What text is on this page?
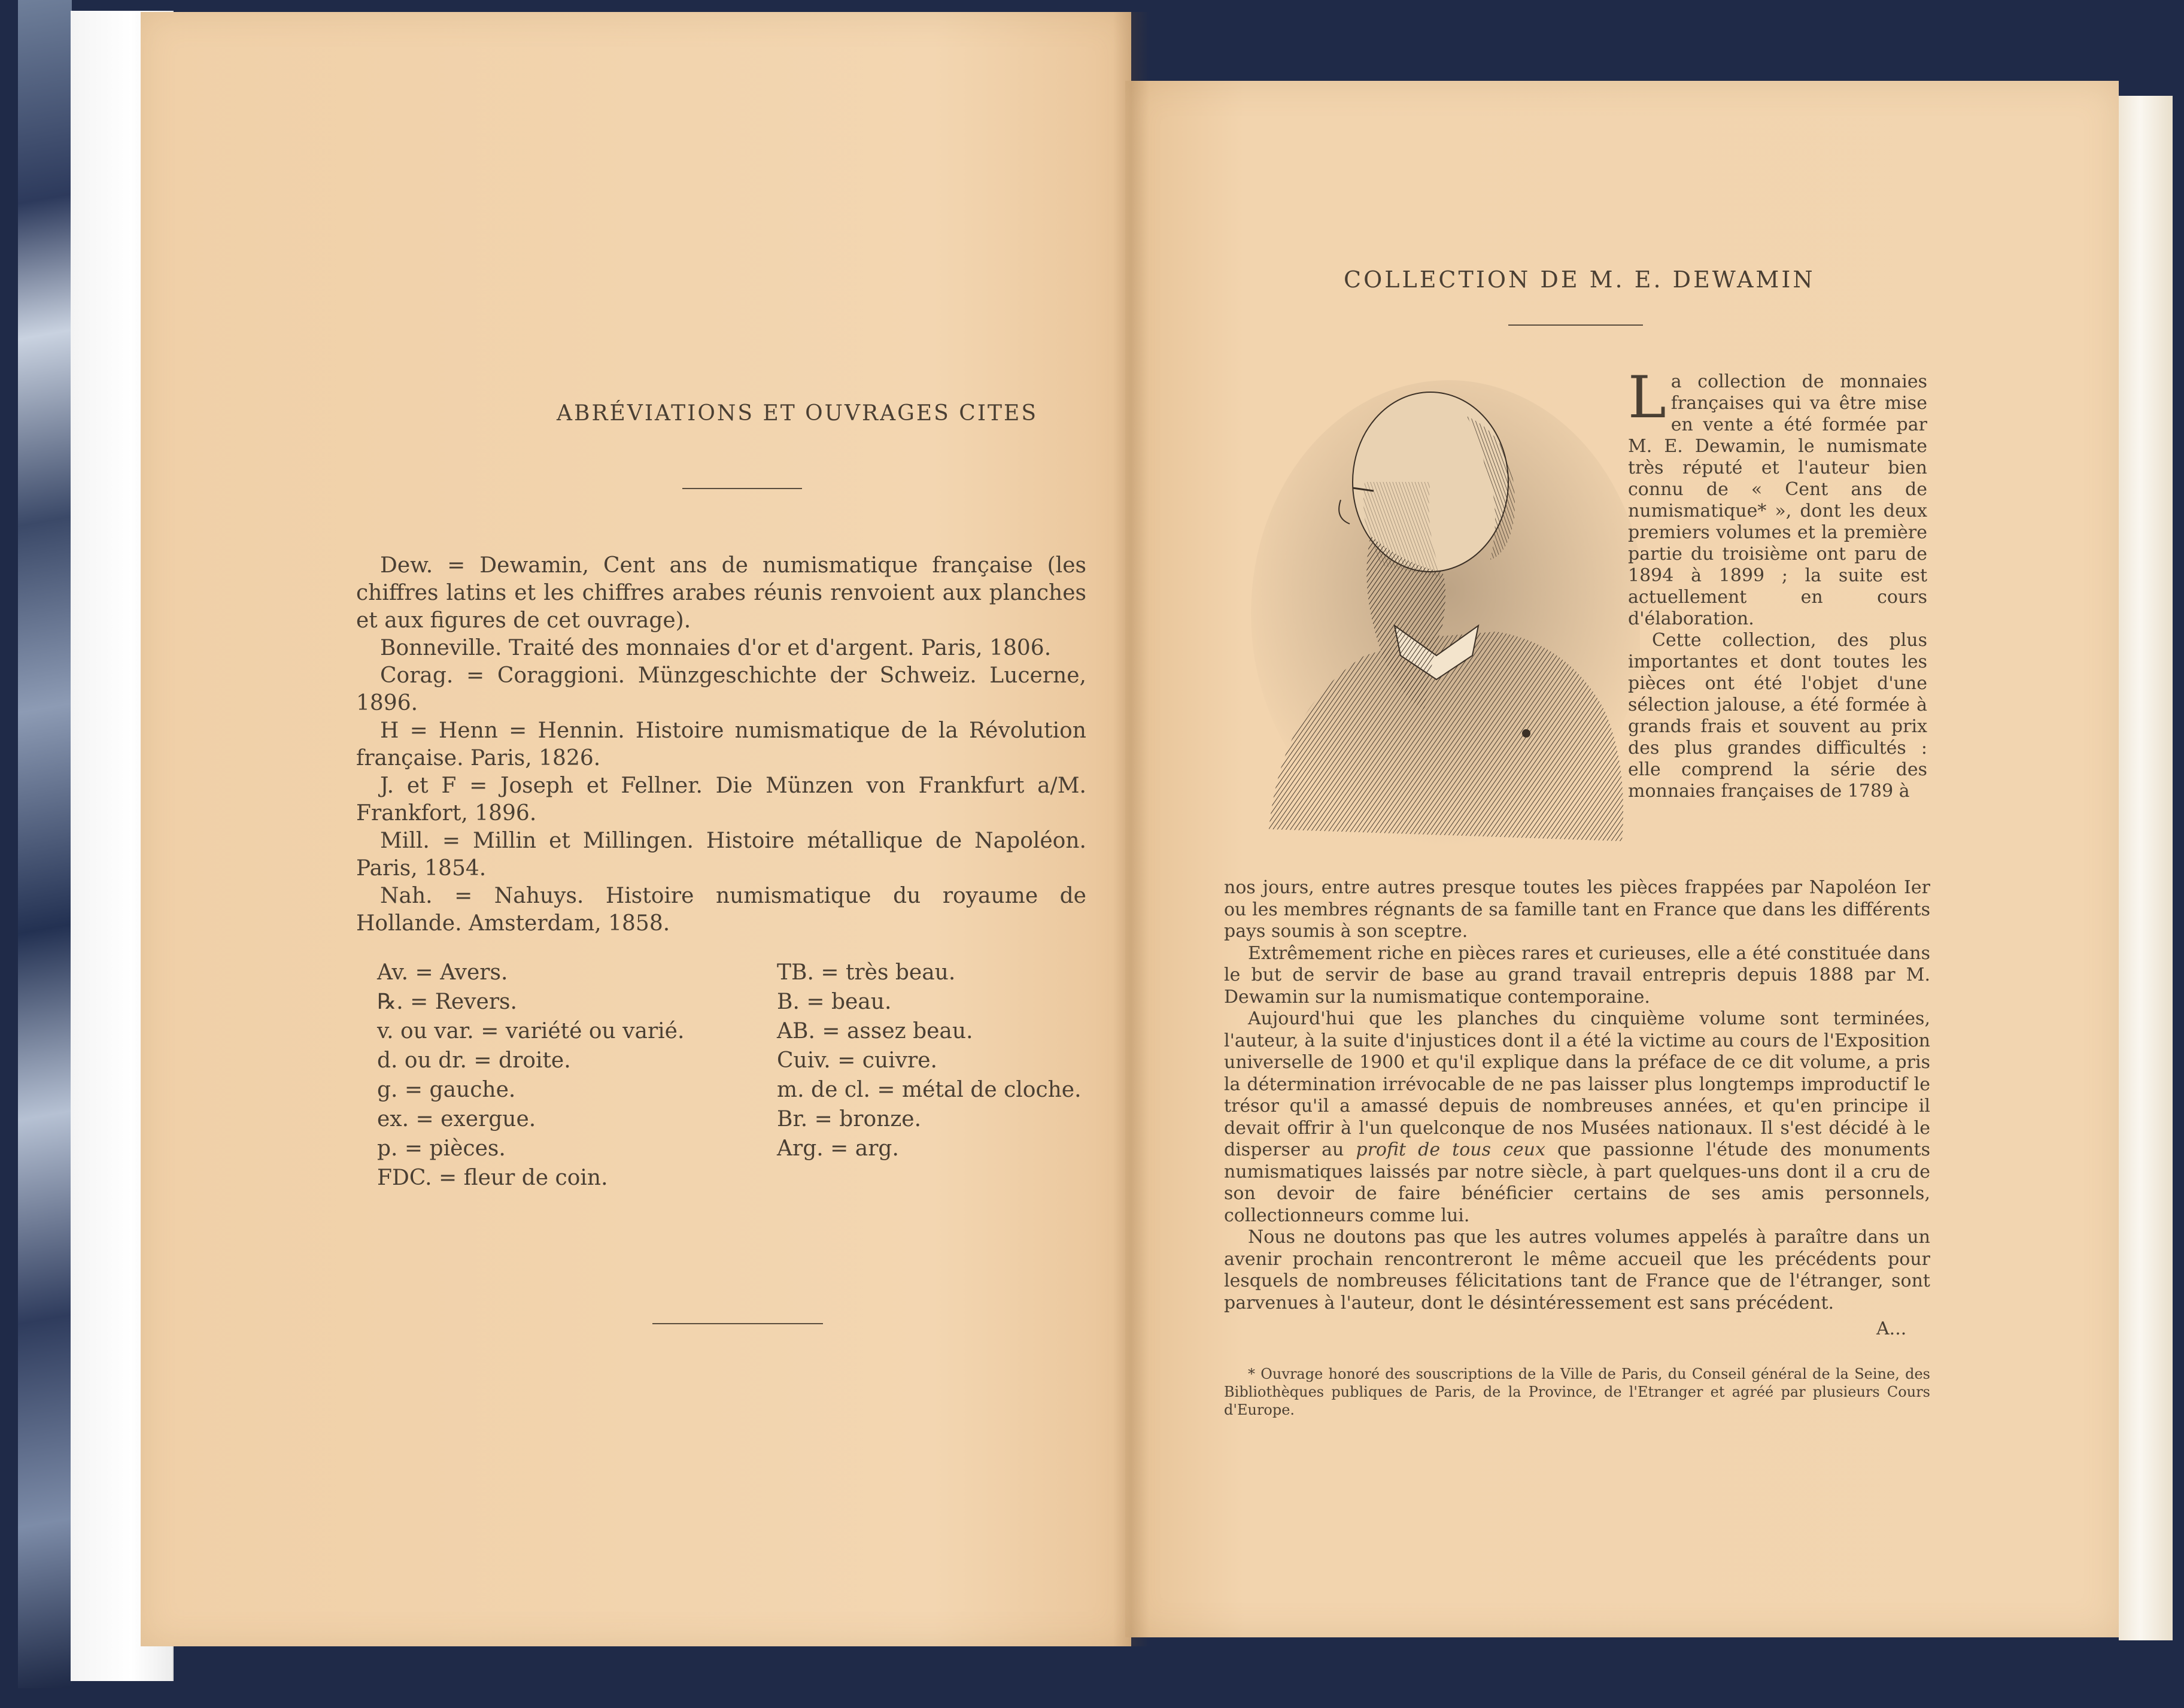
ABRÉVIATIONS ET OUVRAGES CITES

Dew. = Dewamin, Cent ans de numismatique française (les chiffres latins et les chiffres arabes réunis renvoient aux planches et aux figures de cet ouvrage).

Bonneville. Traité des monnaies d'or et d'argent. Paris, 1806.

Corag. = Coraggioni. Münzgeschichte der Schweiz. Lucerne, 1896.

H = Henn = Hennin. Histoire numismatique de la Révolution française. Paris, 1826.

J. et F = Joseph et Fellner. Die Münzen von Frankfurt a/M. Frankfort, 1896.

Mill. = Millin et Millingen. Histoire métallique de Napoléon. Paris, 1854.

Nah. = Nahuys. Histoire numismatique du royaume de Hollande. Amsterdam, 1858.

Av. = Avers.
℞. = Revers.
v. ou var. = variété ou varié.
d. ou dr. = droite.
g. = gauche.
ex. = exergue.
p. = pièces.
FDC. = fleur de coin.
TB. = très beau.
B. = beau.
AB. = assez beau.
Cuiv. = cuivre.
m. de cl. = métal de cloche.
Br. = bronze.
Arg. = arg.
COLLECTION DE M. E. DEWAMIN

L a collection de monnaies françaises qui va être mise en vente a été formée par M. E. Dewamin, le numismate très réputé et l'auteur bien connu de « Cent ans de numismatique* », dont les deux premiers volumes et la première partie du troisième ont paru de 1894 à 1899 ; la suite est actuellement en cours d'élaboration.

Cette collection, des plus importantes et dont toutes les pièces ont été l'objet d'une sélection jalouse, a été formée à grands frais et souvent au prix des plus grandes difficultés : elle comprend la série des monnaies françaises de 1789 à

nos jours, entre autres presque toutes les pièces frappées par Napoléon Ier ou les membres régnants de sa famille tant en France que dans les différents pays soumis à son sceptre.

Extrêmement riche en pièces rares et curieuses, elle a été constituée dans le but de servir de base au grand travail entrepris depuis 1888 par M. Dewamin sur la numismatique contemporaine.

Aujourd'hui que les planches du cinquième volume sont terminées, l'auteur, à la suite d'injustices dont il a été la victime au cours de l'Exposition universelle de 1900 et qu'il explique dans la préface de ce dit volume, a pris la détermination irrévocable de ne pas laisser plus longtemps improductif le trésor qu'il a amassé depuis de nombreuses années, et qu'en principe il devait offrir à l'un quelconque de nos Musées nationaux. Il s'est décidé à le disperser au profit de tous ceux que passionne l'étude des monuments numismatiques laissés par notre siècle, à part quelques-uns dont il a cru de son devoir de faire bénéficier certains de ses amis personnels, collectionneurs comme lui.

Nous ne doutons pas que les autres volumes appelés à paraître dans un avenir prochain rencontreront le même accueil que les précédents pour lesquels de nombreuses félicitations tant de France que de l'étranger, sont parvenues à l'auteur, dont le désintéressement est sans précédent.

A...
* Ouvrage honoré des souscriptions de la Ville de Paris, du Conseil général de la Seine, des Bibliothèques publiques de Paris, de la Province, de l'Etranger et agréé par plusieurs Cours d'Europe.
